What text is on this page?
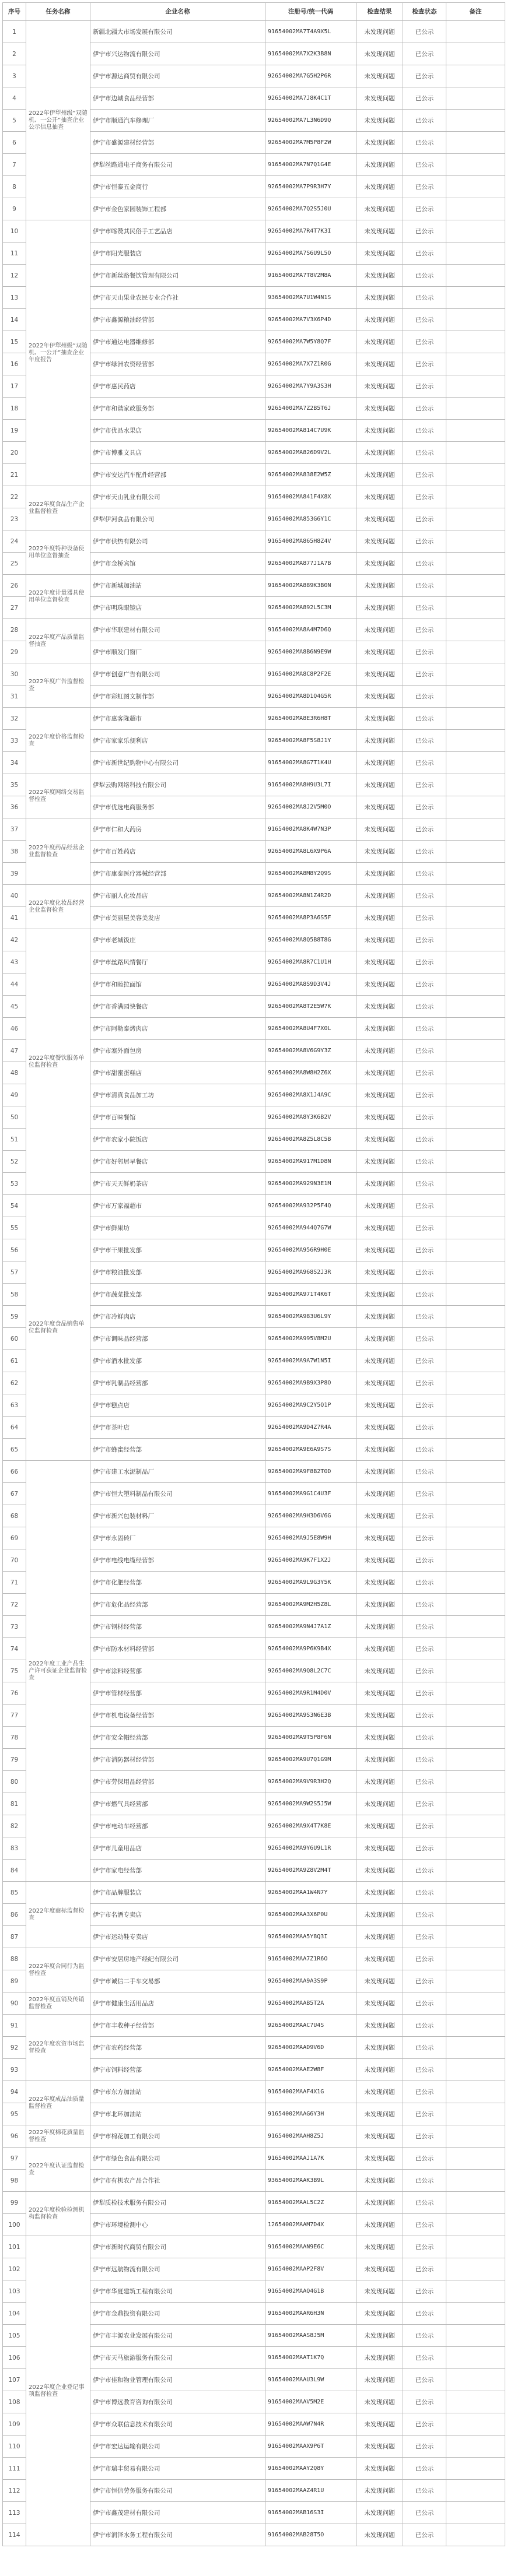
序号	任务名称	企业名称	注册号/统一代码	检查结果	检查状态	备注
1	2022年伊犁州级“双随机、一公开”抽查企业公示信息抽查	新疆北疆大市场发展有限公司	91654002MA7T4A9X5L	未发现问题	已公示	
2		伊宁市兴达物流有限公司	91654002MA7X2K3B8N	未发现问题	已公示	
3		伊宁市源达商贸有限公司	92654002MA7G5H2P6R	未发现问题	已公示	
4		伊宁市边城食品经营部	92654002MA7J8K4C1T	未发现问题	已公示	
5		伊宁市顺通汽车修理厂	92654002MA7L3N6D9Q	未发现问题	已公示	
6		伊宁市盛源建材经营部	92654002MA7M5P8F2W	未发现问题	已公示	
7		伊犁丝路通电子商务有限公司	91654002MA7N7Q1G4E	未发现问题	已公示	
8		伊宁市恒泰五金商行	92654002MA7P9R3H7Y	未发现问题	已公示	
9		伊宁市金色家园装饰工程部	92654002MA7Q2S5J0U	未发现问题	已公示	
10	2022年伊犁州级“双随机、一公开”抽查企业年度报告	伊宁市喀赞其民俗手工艺品店	92654002MA7R4T7K3I	未发现问题	已公示	
11		伊宁市阳光服装店	92654002MA7S6U9L5O	未发现问题	已公示	
12		伊宁市新丝路餐饮管理有限公司	91654002MA7T8V2M8A	未发现问题	已公示	
13		伊宁市天山果业农民专业合作社	93654002MA7U1W4N1S	未发现问题	已公示	
14		伊宁市鑫源粮油经营部	92654002MA7V3X6P4D	未发现问题	已公示	
15		伊宁市通达电器维修部	92654002MA7W5Y8Q7F	未发现问题	已公示	
16		伊宁市绿洲农资经营部	92654002MA7X7Z1R0G	未发现问题	已公示	
17		伊宁市惠民药店	92654002MA7Y9A3S3H	未发现问题	已公示	
18		伊宁市和谐家政服务部	92654002MA7Z2B5T6J	未发现问题	已公示	
19		伊宁市优品水果店	92654002MA814C7U9K	未发现问题	已公示	
20		伊宁市博雅文具店	92654002MA826D9V2L	未发现问题	已公示	
21		伊宁市安达汽车配件经营部	92654002MA838E2W5Z	未发现问题	已公示	
22	2022年度食品生产企业监督检查	伊宁市天山乳业有限公司	91654002MA841F4X8X	未发现问题	已公示	
23		伊犁伊河食品有限公司	91654002MA853G6Y1C	未发现问题	已公示	
24	2022年度特种设备使用单位监督抽查	伊宁市供热有限公司	91654002MA865H8Z4V	未发现问题	已公示	
25		伊宁市金桥宾馆	92654002MA877J1A7B	未发现问题	已公示	
26	2022年度计量器具使用单位监督检查	伊宁市新城加油站	91654002MA889K3B0N	未发现问题	已公示	
27		伊宁市明珠眼镜店	92654002MA892L5C3M	未发现问题	已公示	
28	2022年度产品质量监督抽查	伊宁市华联建材有限公司	91654002MA8A4M7D6Q	未发现问题	已公示	
29		伊宁市顺发门窗厂	92654002MA8B6N9E9W	未发现问题	已公示	
30	2022年度广告监督检查	伊宁市创意广告有限公司	91654002MA8C8P2F2E	未发现问题	已公示	
31		伊宁市彩虹图文制作部	92654002MA8D1Q4G5R	未发现问题	已公示	
32	2022年度价格监督检查	伊宁市惠客隆超市	92654002MA8E3R6H8T	未发现问题	已公示	
33		伊宁市家家乐便利店	92654002MA8F5S8J1Y	未发现问题	已公示	
34		伊宁市新世纪购物中心有限公司	91654002MA8G7T1K4U	未发现问题	已公示	
35	2022年度网络交易监督检查	伊犁云购网络科技有限公司	91654002MA8H9U3L7I	未发现问题	已公示	
36		伊宁市优选电商服务部	92654002MA8J2V5M0O	未发现问题	已公示	
37	2022年度药品经营企业监督检查	伊宁市仁和大药房	91654002MA8K4W7N3P	未发现问题	已公示	
38		伊宁市百姓药店	92654002MA8L6X9P6A	未发现问题	已公示	
39		伊宁市康泰医疗器械经营部	92654002MA8M8Y2Q9S	未发现问题	已公示	
40	2022年度化妆品经营企业监督检查	伊宁市丽人化妆品店	92654002MA8N1Z4R2D	未发现问题	已公示	
41		伊宁市美丽屋美容美发店	92654002MA8P3A6S5F	未发现问题	已公示	
42	2022年度餐饮服务单位监督检查	伊宁市老城饭庄	92654002MA8Q5B8T8G	未发现问题	已公示	
43		伊宁市丝路风情餐厅	92654002MA8R7C1U1H	未发现问题	已公示	
44		伊宁市和睦拉面馆	92654002MA8S9D3V4J	未发现问题	已公示	
45		伊宁市香满园快餐店	92654002MA8T2E5W7K	未发现问题	已公示	
46		伊宁市阿勒泰烤肉店	92654002MA8U4F7X0L	未发现问题	已公示	
47		伊宁市塞外面包房	92654002MA8V6G9Y3Z	未发现问题	已公示	
48		伊宁市甜蜜蛋糕店	92654002MA8W8H2Z6X	未发现问题	已公示	
49		伊宁市清真食品加工坊	92654002MA8X1J4A9C	未发现问题	已公示	
50		伊宁市百味餐馆	92654002MA8Y3K6B2V	未发现问题	已公示	
51		伊宁市农家小院饭店	92654002MA8Z5L8C5B	未发现问题	已公示	
52		伊宁市好邻居早餐店	92654002MA917M1D8N	未发现问题	已公示	
53		伊宁市天天鲜奶茶店	92654002MA929N3E1M	未发现问题	已公示	
54	2022年度食品销售单位监督检查	伊宁市万家福超市	92654002MA932P5F4Q	未发现问题	已公示	
55		伊宁市鲜果坊	92654002MA944Q7G7W	未发现问题	已公示	
56		伊宁市干果批发部	92654002MA956R9H0E	未发现问题	已公示	
57		伊宁市粮油批发部	92654002MA968S2J3R	未发现问题	已公示	
58		伊宁市蔬菜批发部	92654002MA971T4K6T	未发现问题	已公示	
59		伊宁市冷鲜肉店	92654002MA983U6L9Y	未发现问题	已公示	
60		伊宁市调味品经营部	92654002MA995V8M2U	未发现问题	已公示	
61		伊宁市酒水批发部	92654002MA9A7W1N5I	未发现问题	已公示	
62		伊宁市乳制品经营部	92654002MA9B9X3P8O	未发现问题	已公示	
63		伊宁市糕点店	92654002MA9C2Y5Q1P	未发现问题	已公示	
64		伊宁市茶叶店	92654002MA9D4Z7R4A	未发现问题	已公示	
65		伊宁市蜂蜜经营部	92654002MA9E6A9S7S	未发现问题	已公示	
66	2022年度工业产品生产许可获证企业监督检查	伊宁市建工水泥制品厂	92654002MA9F8B2T0D	未发现问题	已公示	
67		伊宁市恒大塑料制品有限公司	91654002MA9G1C4U3F	未发现问题	已公示	
68		伊宁市新兴包装材料厂	92654002MA9H3D6V6G	未发现问题	已公示	
69		伊宁市永固砖厂	92654002MA9J5E8W9H	未发现问题	已公示	
70		伊宁市电线电缆经营部	92654002MA9K7F1X2J	未发现问题	已公示	
71		伊宁市化肥经营部	92654002MA9L9G3Y5K	未发现问题	已公示	
72		伊宁市危化品经营部	92654002MA9M2H5Z8L	未发现问题	已公示	
73		伊宁市钢材经营部	92654002MA9N4J7A1Z	未发现问题	已公示	
74		伊宁市防水材料经营部	92654002MA9P6K9B4X	未发现问题	已公示	
75		伊宁市涂料经营部	92654002MA9Q8L2C7C	未发现问题	已公示	
76		伊宁市管材经营部	92654002MA9R1M4D0V	未发现问题	已公示	
77		伊宁市机电设备经营部	92654002MA9S3N6E3B	未发现问题	已公示	
78		伊宁市安全帽经营部	92654002MA9T5P8F6N	未发现问题	已公示	
79		伊宁市消防器材经营部	92654002MA9U7Q1G9M	未发现问题	已公示	
80		伊宁市劳保用品经营部	92654002MA9V9R3H2Q	未发现问题	已公示	
81		伊宁市燃气具经营部	92654002MA9W2S5J5W	未发现问题	已公示	
82		伊宁市电动车经营部	92654002MA9X4T7K8E	未发现问题	已公示	
83		伊宁市儿童用品店	92654002MA9Y6U9L1R	未发现问题	已公示	
84		伊宁市家电经营部	92654002MA9Z8V2M4T	未发现问题	已公示	
85	2022年度商标监督检查	伊宁市品牌服装店	92654002MAA1W4N7Y	未发现问题	已公示	
86		伊宁市名酒专卖店	92654002MAA3X6P0U	未发现问题	已公示	
87		伊宁市运动鞋专卖店	92654002MAA5Y8Q3I	未发现问题	已公示	
88	2022年度合同行为监督检查	伊宁市安居房地产经纪有限公司	91654002MAA7Z1R6O	未发现问题	已公示	
89		伊宁市诚信二手车交易部	92654002MAA9A3S9P	未发现问题	已公示	
90	2022年度直销及传销监督检查	伊宁市健康生活用品店	92654002MAAB5T2A	未发现问题	已公示	
91	2022年度农资市场监督检查	伊宁市丰收种子经营部	92654002MAAC7U4S	未发现问题	已公示	
92		伊宁市农药经营部	92654002MAAD9V6D	未发现问题	已公示	
93		伊宁市饲料经营部	92654002MAAE2W8F	未发现问题	已公示	
94	2022年度成品油质量监督检查	伊宁市东方加油站	91654002MAAF4X1G	未发现问题	已公示	
95		伊宁市北环加油站	91654002MAAG6Y3H	未发现问题	已公示	
96	2022年度棉花质量监督检查	伊宁市棉花加工有限公司	91654002MAAH8Z5J	未发现问题	已公示	
97	2022年度认证监督检查	伊宁市绿色食品有限公司	91654002MAAJ1A7K	未发现问题	已公示	
98		伊宁市有机农产品合作社	93654002MAAK3B9L	未发现问题	已公示	
99	2022年度检验检测机构监督检查	伊犁质检技术服务有限公司	91654002MAAL5C2Z	未发现问题	已公示	
100		伊宁市环境检测中心	12654002MAAM7D4X	未发现问题	已公示	
101	2022年度企业登记事项监督检查	伊宁市新时代商贸有限公司	91654002MAAN9E6C	未发现问题	已公示	
102		伊宁市远航物流有限公司	91654002MAAP2F8V	未发现问题	已公示	
103		伊宁市华夏建筑工程有限公司	91654002MAAQ4G1B	未发现问题	已公示	
104		伊宁市金鼎投资有限公司	91654002MAAR6H3N	未发现问题	已公示	
105		伊宁市丰源农业发展有限公司	91654002MAAS8J5M	未发现问题	已公示	
106		伊宁市天马旅游服务有限公司	91654002MAAT1K7Q	未发现问题	已公示	
107		伊宁市佳和物业管理有限公司	91654002MAAU3L9W	未发现问题	已公示	
108		伊宁市博远教育咨询有限公司	91654002MAAV5M2E	未发现问题	已公示	
109		伊宁市众联信息技术有限公司	91654002MAAW7N4R	未发现问题	已公示	
110		伊宁市宏达运输有限公司	91654002MAAX9P6T	未发现问题	已公示	
111		伊宁市瑞丰贸易有限公司	91654002MAAY2Q8Y	未发现问题	已公示	
112		伊宁市恒信劳务服务有限公司	91654002MAAZ4R1U	未发现问题	已公示	
113		伊宁市鑫茂建材有限公司	91654002MAB16S3I	未发现问题	已公示	
114		伊宁市润泽水务工程有限公司	91654002MAB28T5O	未发现问题	已公示	
